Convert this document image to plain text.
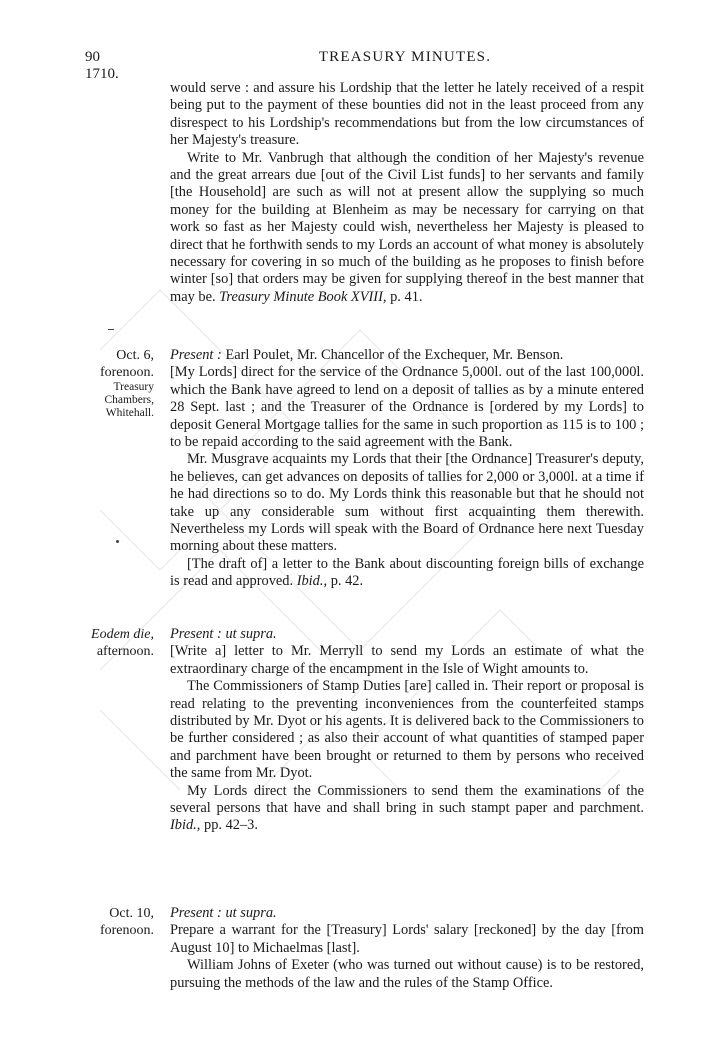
90
1710.
TREASURY MINUTES.

would serve : and assure his Lordship that the letter he lately received of a respit being put to the payment of these bounties did not in the least proceed from any disrespect to his Lordship's recommendations but from the low circumstances of her Majesty's treasure.

Write to Mr. Vanbrugh that although the condition of her Majesty's revenue and the great arrears due [out of the Civil List funds] to her servants and family [the Household] are such as will not at present allow the supplying so much money for the building at Blenheim as may be necessary for carrying on that work so fast as her Majesty could wish, nevertheless her Majesty is pleased to direct that he forthwith sends to my Lords an account of what money is absolutely necessary for covering in so much of the building as he proposes to finish before winter [so] that orders may be given for supplying thereof in the best manner that may be. Treasury Minute Book XVIII, p. 41.

Oct. 6,
forenoon.
Treasury
Chambers,
Whitehall.

Present : Earl Poulet, Mr. Chancellor of the Exchequer, Mr. Benson.

[My Lords] direct for the service of the Ordnance 5,000l. out of the last 100,000l. which the Bank have agreed to lend on a deposit of tallies as by a minute entered 28 Sept. last ; and the Treasurer of the Ordnance is [ordered by my Lords] to deposit General Mortgage tallies for the same in such proportion as 115 is to 100 ; to be repaid according to the said agreement with the Bank.

Mr. Musgrave acquaints my Lords that their [the Ordnance] Treasurer's deputy, he believes, can get advances on deposits of tallies for 2,000 or 3,000l. at a time if he had directions so to do. My Lords think this reasonable but that he should not take up any considerable sum without first acquainting them therewith. Nevertheless my Lords will speak with the Board of Ordnance here next Tuesday morning about these matters.

[The draft of] a letter to the Bank about discounting foreign bills of exchange is read and approved. Ibid., p. 42.

Eodem die,
afternoon.

Present : ut supra.

[Write a] letter to Mr. Merryll to send my Lords an estimate of what the extraordinary charge of the encampment in the Isle of Wight amounts to.

The Commissioners of Stamp Duties [are] called in. Their report or proposal is read relating to the preventing inconveniences from the counterfeited stamps distributed by Mr. Dyot or his agents. It is delivered back to the Commissioners to be further considered ; as also their account of what quantities of stamped paper and parchment have been brought or returned to them by persons who received the same from Mr. Dyot.

My Lords direct the Commissioners to send them the examinations of the several persons that have and shall bring in such stampt paper and parchment. Ibid., pp. 42–3.

Oct. 10,
forenoon.

Present : ut supra.

Prepare a warrant for the [Treasury] Lords' salary [reckoned] by the day [from August 10] to Michaelmas [last].

William Johns of Exeter (who was turned out without cause) is to be restored, pursuing the methods of the law and the rules of the Stamp Office.
